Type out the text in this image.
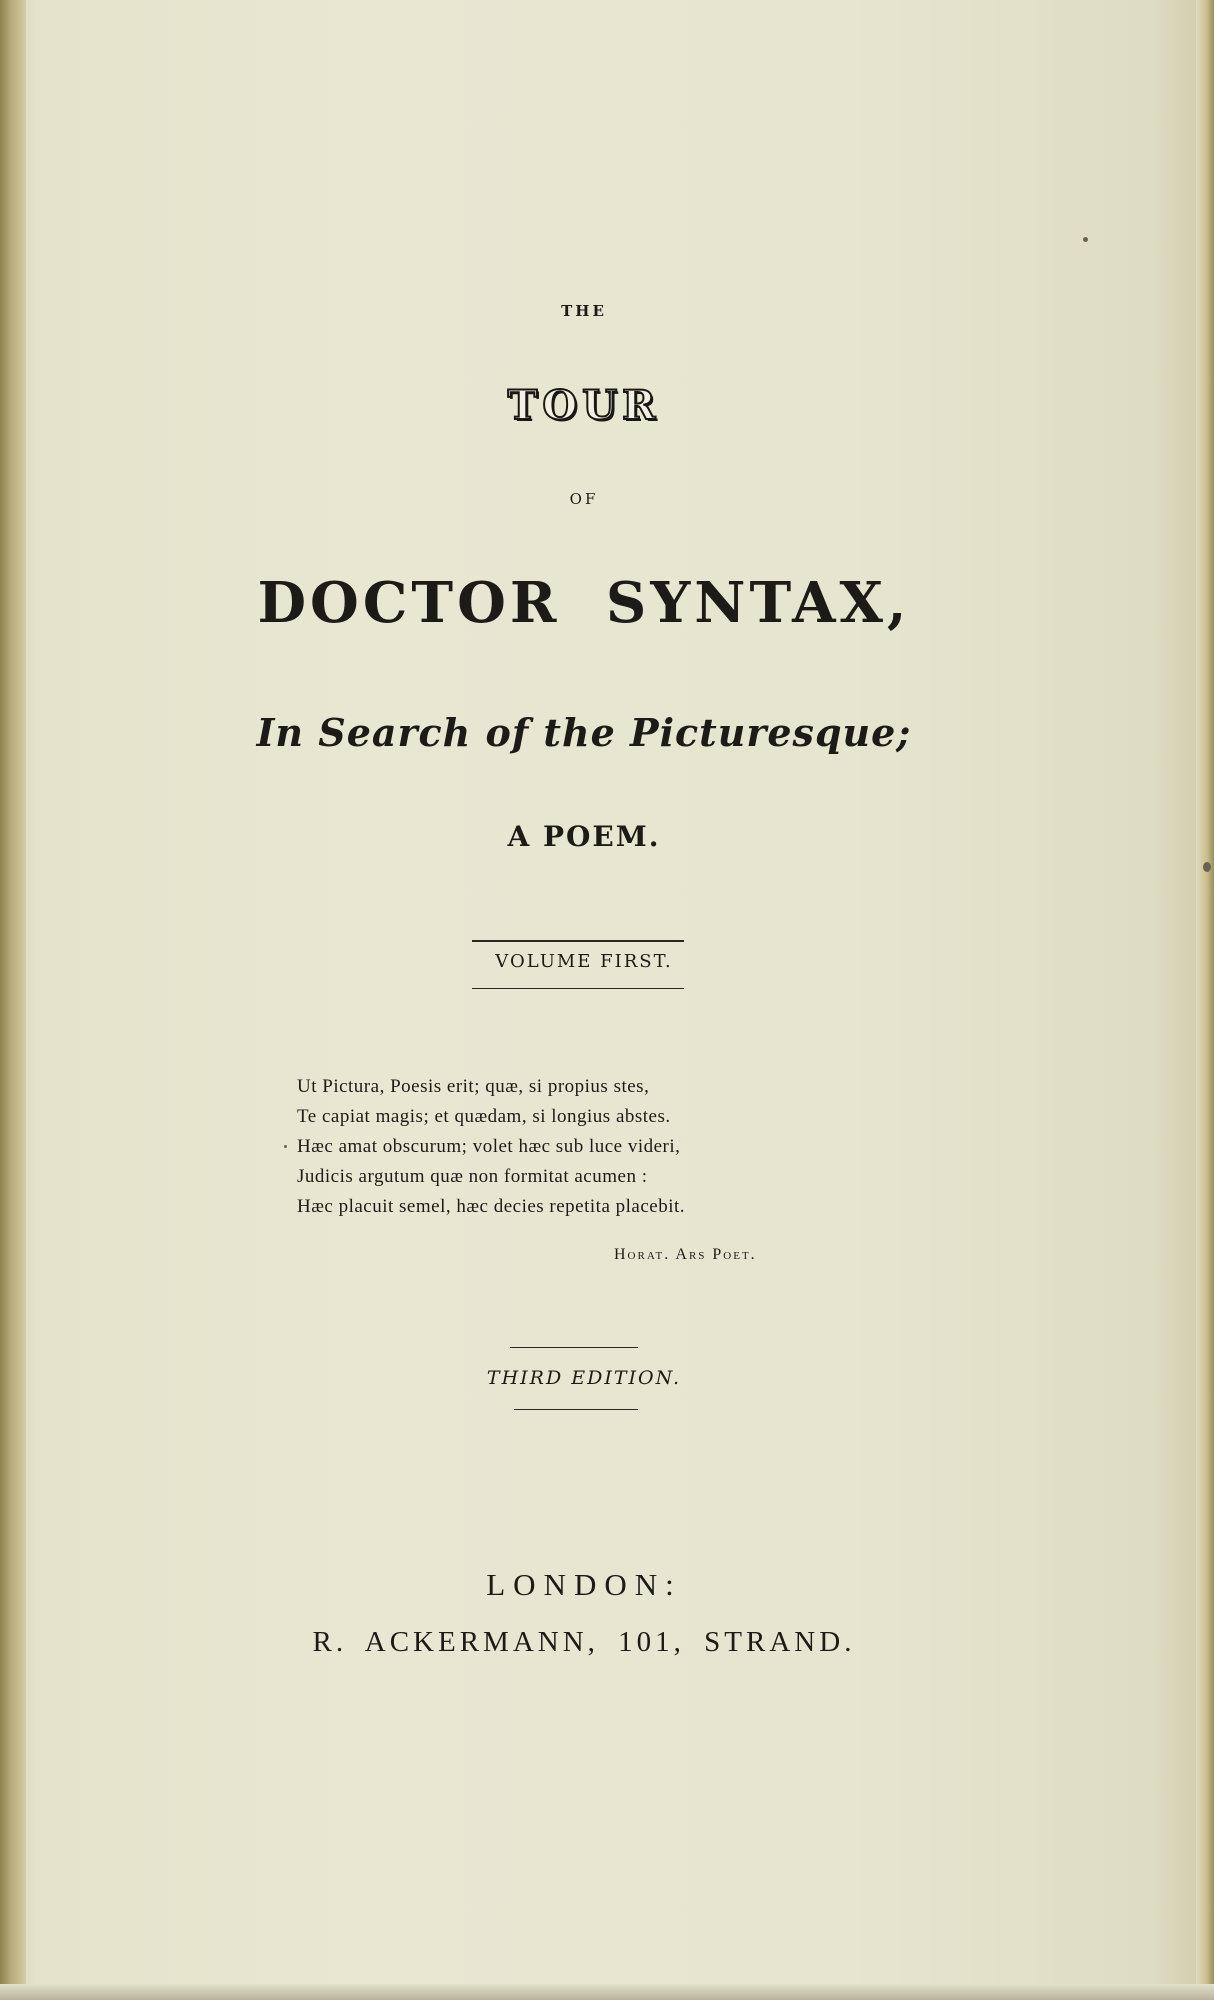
THE
TOUR
OF
DOCTOR SYNTAX,
In Search of the Picturesque;
A POEM.
VOLUME FIRST.
Ut Pictura, Poesis erit; quæ, si propius stes,
Te capiat magis; et quædam, si longius abstes.
Hæc amat obscurum; volet hæc sub luce videri,
Judicis argutum quæ non formitat acumen :
Hæc placuit semel, hæc decies repetita placebit.
Horat. Ars Poet.
THIRD EDITION.
LONDON:
R. ACKERMANN, 101, STRAND.
